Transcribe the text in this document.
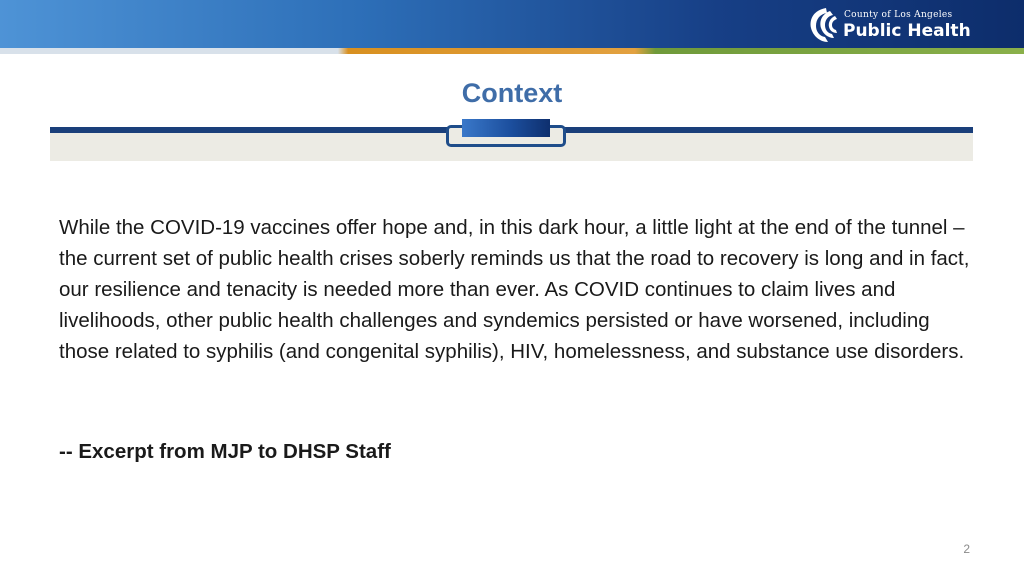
County of Los Angeles
Public Health
Context
While the COVID-19 vaccines offer hope and, in this dark hour, a little light at the end of the tunnel – the current set of public health crises soberly reminds us that the road to recovery is long and in fact, our resilience and tenacity is needed more than ever. As COVID continues to claim lives and livelihoods, other public health challenges and syndemics persisted or have worsened, including those related to syphilis (and congenital syphilis), HIV, homelessness, and substance use disorders.
-- Excerpt from MJP to DHSP Staff
2
